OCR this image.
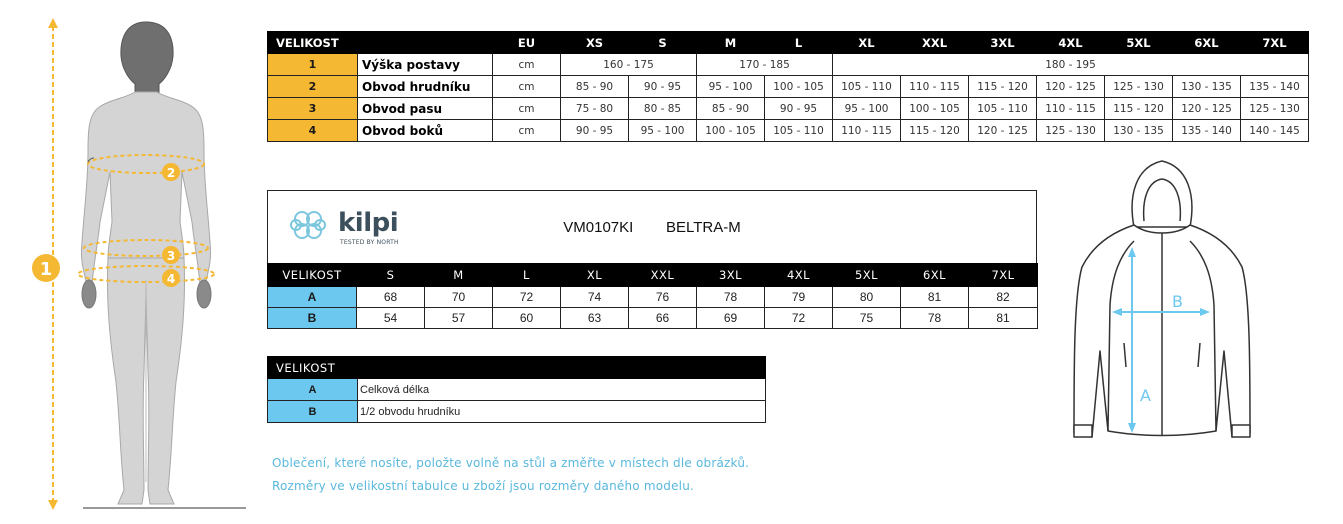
1
2
3
4
VELIKOST		EU	XS	S	M	L	XL	XXL	3XL	4XL	5XL	6XL	7XL
1	Výška postavy	cm	160 - 175		170 - 185		180 - 195						
2	Obvod hrudníku	cm	85 - 90	90 - 95	95 - 100	100 - 105	105 - 110	110 - 115	115 - 120	120 - 125	125 - 130	130 - 135	135 - 140
3	Obvod pasu	cm	75 - 80	80 - 85	85 - 90	90 - 95	95 - 100	100 - 105	105 - 110	110 - 115	115 - 120	120 - 125	125 - 130
4	Obvod boků	cm	90 - 95	95 - 100	100 - 105	105 - 110	110 - 115	115 - 120	120 - 125	125 - 130	130 - 135	135 - 140	140 - 145
kilpi
TESTED BY NORTH
VM0107KI BELTRA-M
VELIKOST	S	M	L	XL	XXL	3XL	4XL	5XL	6XL	7XL
A	68	70	72	74	76	78	79	80	81	82
B	54	57	60	63	66	69	72	75	78	81
VELIKOST	
A	Celková délka
B	1/2 obvodu hrudníku
Oblečení, které nosíte, položte volně na stůl a změřte v místech dle obrázků.
Rozměry ve velikostní tabulce u zboží jsou rozměry daného modelu.
A
B
